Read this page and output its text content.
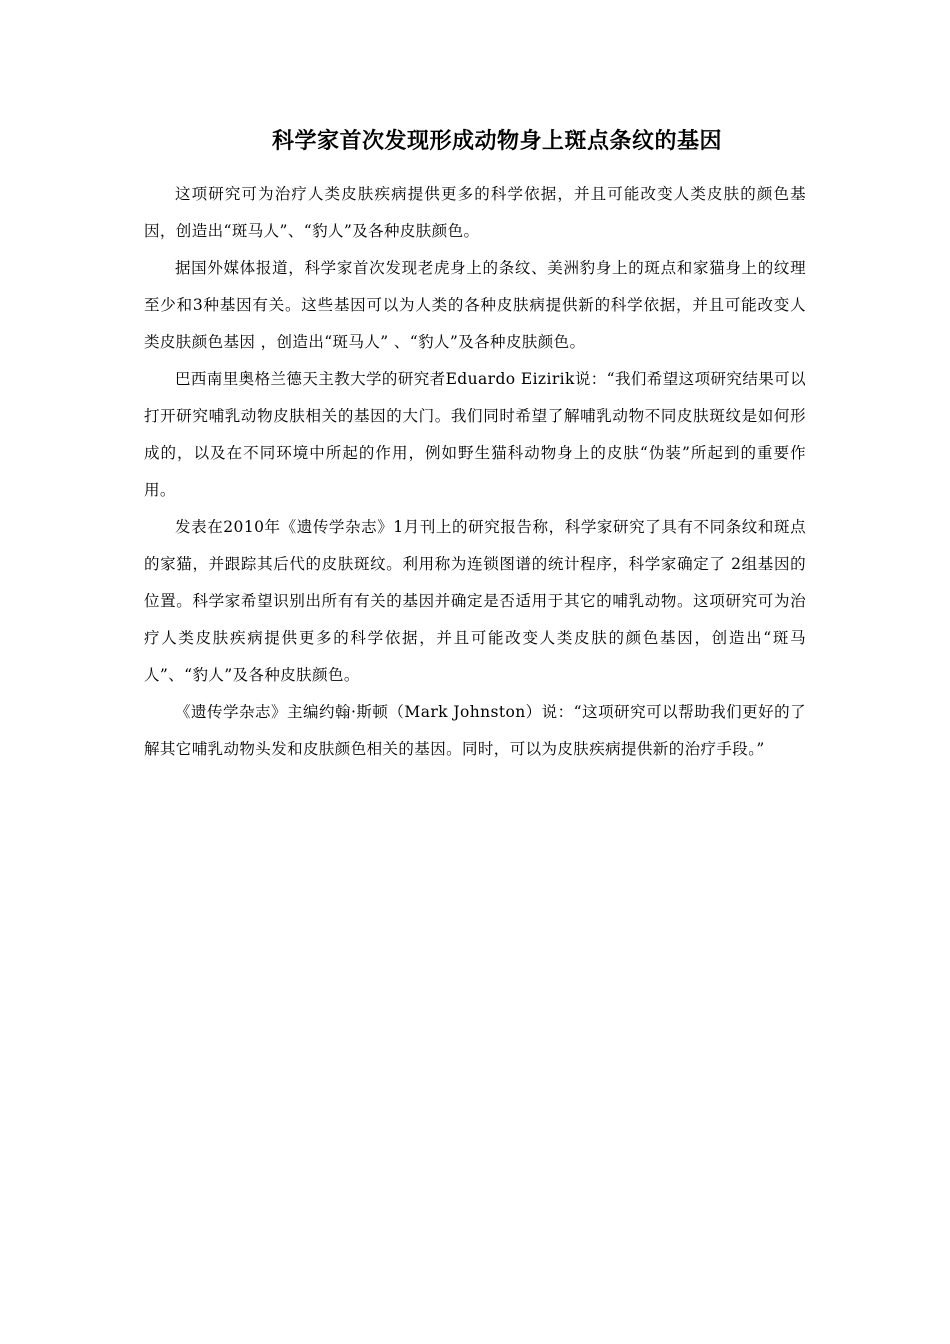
科学家首次发现形成动物身上斑点条纹的基因

这项研究可为治疗人类皮肤疾病提供更多的科学依据，并且可能改变人类皮肤的颜色基因，创造出“斑马人”、“豹人”及各种皮肤颜色。

据国外媒体报道，科学家首次发现老虎身上的条纹、美洲豹身上的斑点和家猫身上的纹理至少和3种基因有关。这些基因可以为人类的各种皮肤病提供新的科学依据，并且可能改变人类皮肤颜色基因 ，创造出“斑马人” 、“豹人”及各种皮肤颜色。

巴西南里奥格兰德天主教大学的研究者Eduardo Eizirik说：“我们希望这项研究结果可以打开研究哺乳动物皮肤相关的基因的大门。我们同时希望了解哺乳动物不同皮肤斑纹是如何形成的，以及在不同环境中所起的作用，例如野生猫科动物身上的皮肤“伪装”所起到的重要作用。

发表在2010年《遗传学杂志》1月刊上的研究报告称，科学家研究了具有不同条纹和斑点的家猫，并跟踪其后代的皮肤斑纹。利用称为连锁图谱的统计程序，科学家确定了 2组基因的位置。科学家希望识别出所有有关的基因并确定是否适用于其它的哺乳动物。这项研究可为治疗人类皮肤疾病提供更多的科学依据，并且可能改变人类皮肤的颜色基因，创造出“斑马人”、“豹人”及各种皮肤颜色。

《遗传学杂志》主编约翰·斯顿（Mark Johnston）说：“这项研究可以帮助我们更好的了解其它哺乳动物头发和皮肤颜色相关的基因。同时，可以为皮肤疾病提供新的治疗手段。”
